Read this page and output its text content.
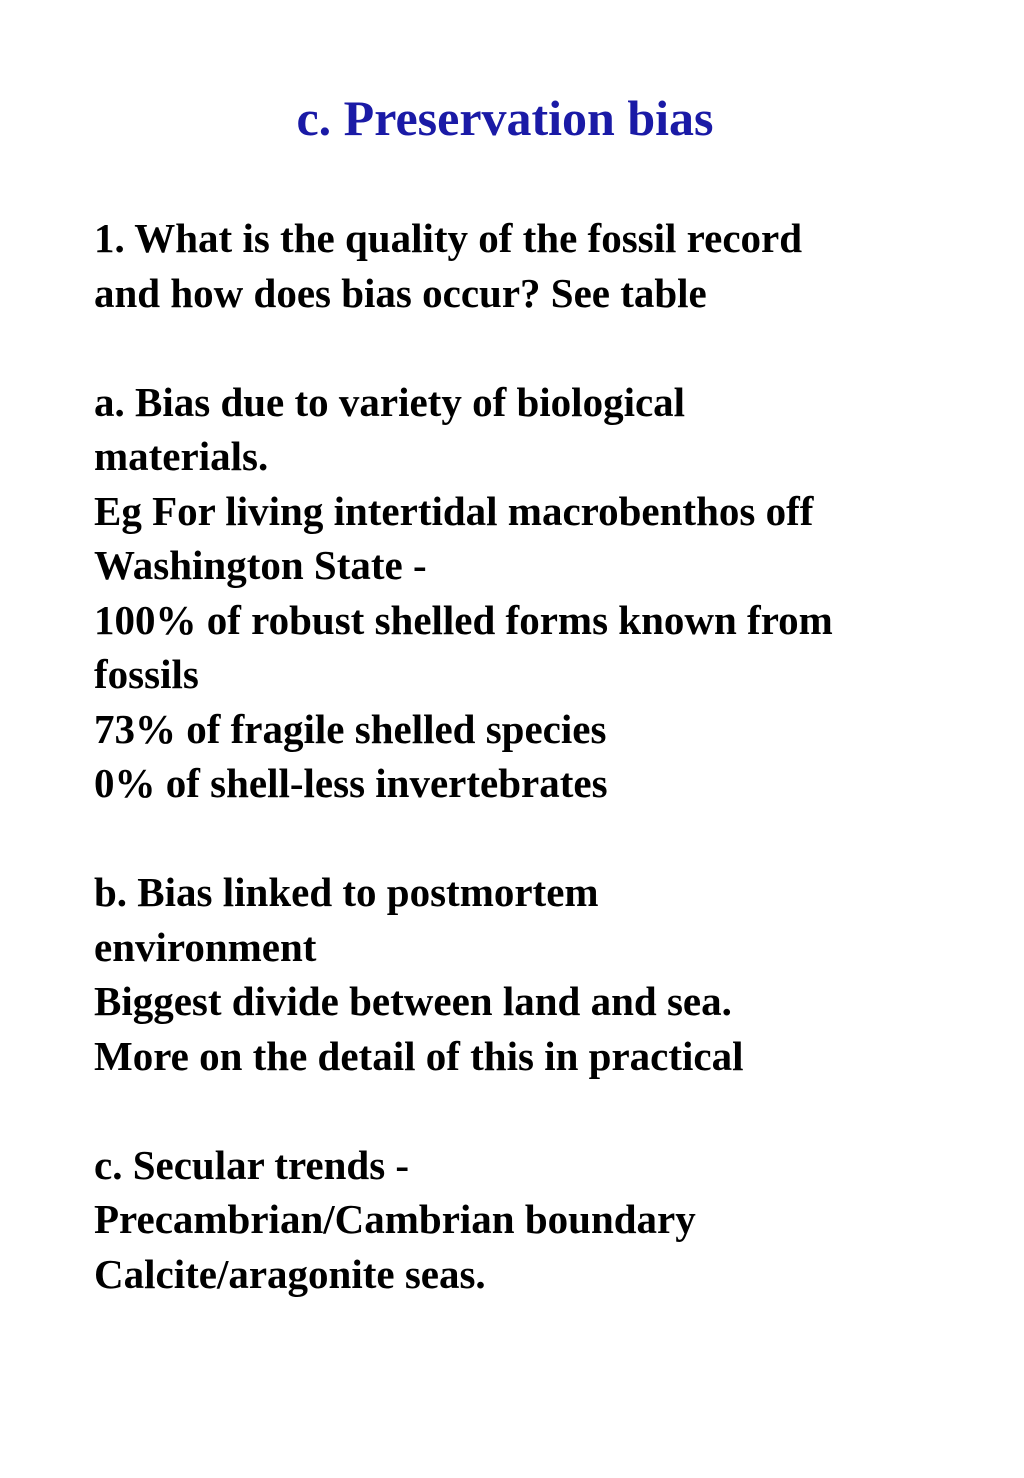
c. Preservation bias
1. What is the quality of the fossil record
and how does bias occur? See table
a. Bias due to variety of biological
materials.
Eg For living intertidal macrobenthos off
Washington State -
100% of robust shelled forms known from
fossils
73% of fragile shelled species
0% of shell-less invertebrates
b. Bias linked to postmortem
environment
Biggest divide between land and sea.
More on the detail of this in practical
c. Secular trends -
Precambrian/Cambrian boundary
Calcite/aragonite seas.
